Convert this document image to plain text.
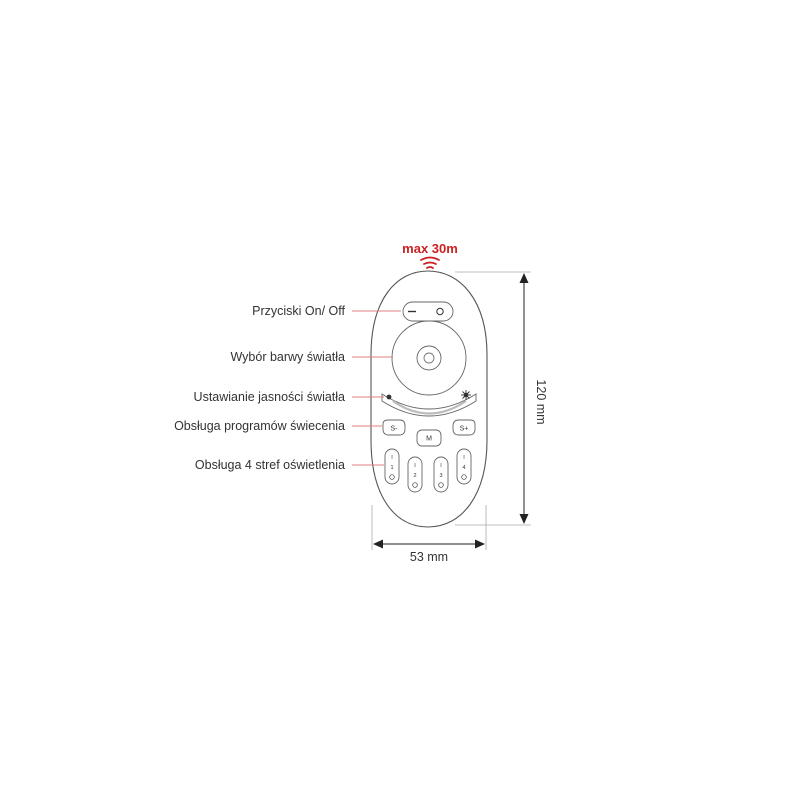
max 30m
S-
M
S+
I
1	I
2
I
3
I
4
Przyciski On/ Off
Wybór barwy światła
Ustawianie jasności światła
Obsługa programów świecenia
Obsługa 4 stref oświetlenia
120 mm
53 mm
